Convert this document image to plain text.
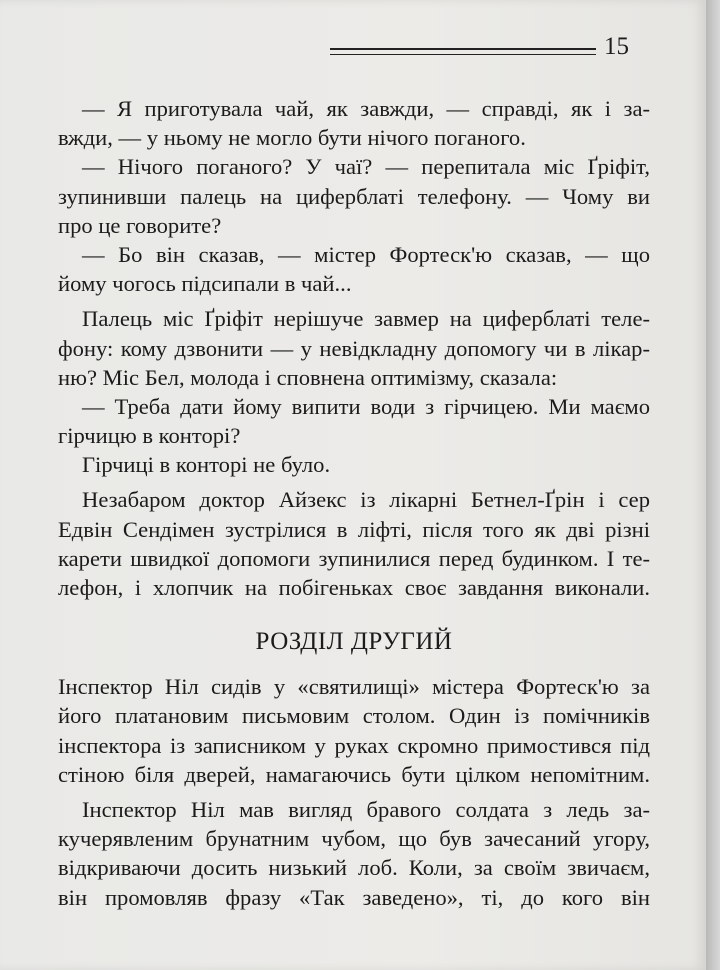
15
— Я приготувала чай, як завжди, — справді, як і за-
вжди, — у ньому не могло бути нічого поганого.
— Нічого поганого? У чаї? — перепитала міс Ґріфіт,
зупинивши палець на циферблаті телефону. — Чому ви
про це говорите?
— Бо він сказав, — містер Фортеск'ю сказав, — що
йому чогось підсипали в чай...
Палець міс Ґріфіт нерішуче завмер на циферблаті теле-
фону: кому дзвонити — у невідкладну допомогу чи в лікар-
ню? Міс Бел, молода і сповнена оптимізму, сказала:
— Треба дати йому випити води з гірчицею. Ми маємо
гірчицю в конторі?
Гірчиці в конторі не було.
Незабаром доктор Айзекс із лікарні Бетнел-Ґрін і сер
Едвін Сендімен зустрілися в ліфті, після того як дві різні
карети швидкої допомоги зупинилися перед будинком. І те-
лефон, і хлопчик на побігеньках своє завдання виконали.
РОЗДІЛ ДРУГИЙ
Інспектор Ніл сидів у «святилищі» містера Фортеск'ю за
його платановим письмовим столом. Один із помічників
інспектора із записником у руках скромно примостився під
стіною біля дверей, намагаючись бути цілком непомітним.
Інспектор Ніл мав вигляд бравого солдата з ледь за-
кучерявленим брунатним чубом, що був зачесаний угору,
відкриваючи досить низький лоб. Коли, за своїм звичаєм,
він промовляв фразу «Так заведено», ті, до кого він
